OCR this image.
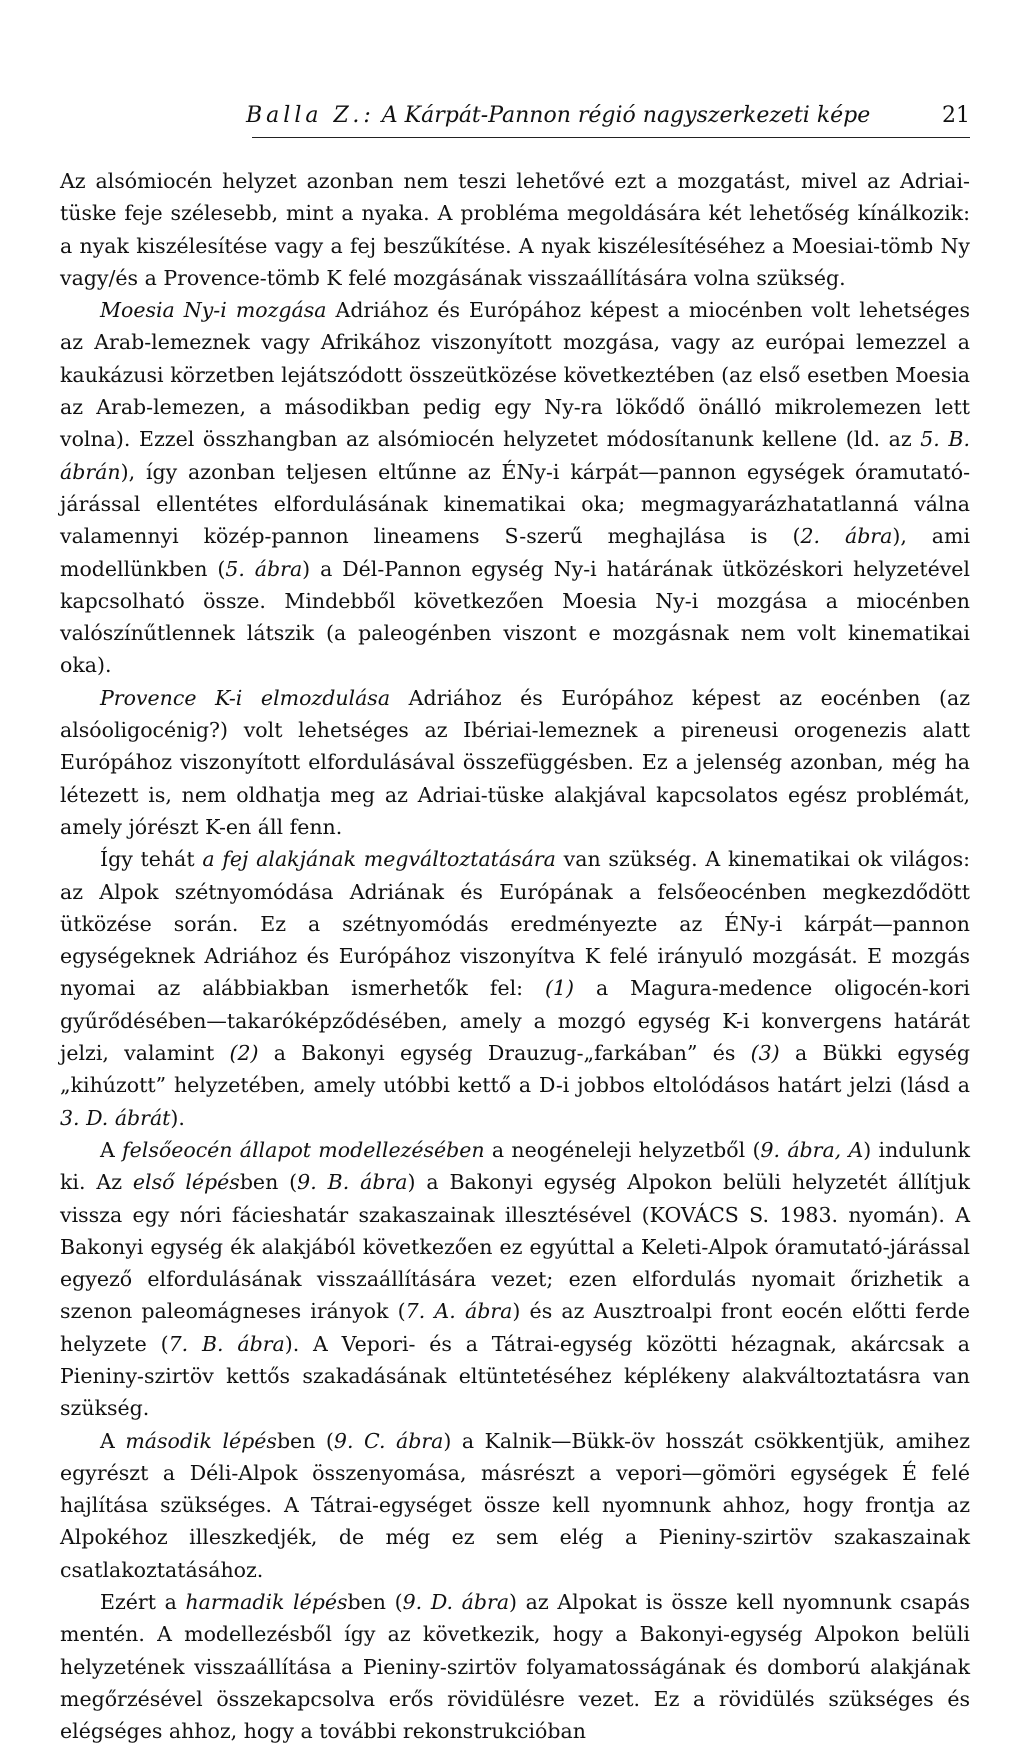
Balla Z.: A Kárpát-Pannon régió nagyszerkezeti képe	21

Az alsómiocén helyzet azonban nem teszi lehetővé ezt a mozgatást, mivel az Adriai-tüske feje szélesebb, mint a nyaka. A probléma megoldására két lehetőség kínálkozik: a nyak kiszélesítése vagy a fej beszűkítése. A nyak kiszélesítéséhez a Moesiai-tömb Ny vagy/és a Provence-tömb K felé mozgásának visszaállítására volna szükség.

Moesia Ny-i mozgása Adriához és Európához képest a miocénben volt lehetséges az Arab-lemeznek vagy Afrikához viszonyított mozgása, vagy az európai lemezzel a kaukázusi körzetben lejátszódott összeütközése következtében (az első esetben Moesia az Arab-lemezen, a másodikban pedig egy Ny-ra lökődő önálló mikrolemezen lett volna). Ezzel összhangban az alsómiocén helyzetet módosítanunk kellene (ld. az 5. B. ábrán), így azonban teljesen eltűnne az ÉNy-i kárpát—pannon egységek óramutató-járással ellentétes elfordulásának kinematikai oka; megmagyarázhatatlanná válna valamennyi közép-pannon lineamens S-szerű meghajlása is (2. ábra), ami modellünkben (5. ábra) a Dél-Pannon egység Ny-i határának ütközéskori helyzetével kapcsolható össze. Mindebből következően Moesia Ny-i mozgása a miocénben valószínűtlennek látszik (a paleogénben viszont e mozgásnak nem volt kinematikai oka).

Provence K-i elmozdulása Adriához és Európához képest az eocénben (az alsóoligocénig?) volt lehetséges az Ibériai-lemeznek a pireneusi orogenezis alatt Európához viszonyított elfordulásával összefüggésben. Ez a jelenség azonban, még ha létezett is, nem oldhatja meg az Adriai-tüske alakjával kapcsolatos egész problémát, amely jórészt K-en áll fenn.

Így tehát a fej alakjának megváltoztatására van szükség. A kinematikai ok világos: az Alpok szétnyomódása Adriának és Európának a felsőeocénben megkezdődött ütközése során. Ez a szétnyomódás eredményezte az ÉNy-i kárpát—pannon egységeknek Adriához és Európához viszonyítva K felé irányuló mozgását. E mozgás nyomai az alábbiakban ismerhetők fel: (1) a Magura-medence oligocén-kori gyűrődésében—takaróképződésében, amely a mozgó egység K-i konvergens határát jelzi, valamint (2) a Bakonyi egység Drauzug-„farkában” és (3) a Bükki egység „kihúzott” helyzetében, amely utóbbi kettő a D-i jobbos eltolódásos határt jelzi (lásd a 3. D. ábrát).

A felsőeocén állapot modellezésében a neogéneleji helyzetből (9. ábra, A) indulunk ki. Az első lépésben (9. B. ábra) a Bakonyi egység Alpokon belüli helyzetét állítjuk vissza egy nóri fácieshatár szakaszainak illesztésével (KOVÁCS S. 1983. nyomán). A Bakonyi egység ék alakjából következően ez egyúttal a Keleti-Alpok óramutató-járással egyező elfordulásának visszaállítására vezet; ezen elfordulás nyomait őrizhetik a szenon paleomágneses irányok (7. A. ábra) és az Ausztroalpi front eocén előtti ferde helyzete (7. B. ábra). A Vepori- és a Tátrai-egység közötti hézagnak, akárcsak a Pieniny-szirtöv kettős szakadásának eltüntetéséhez képlékeny alakváltoztatásra van szükség.

A második lépésben (9. C. ábra) a Kalnik—Bükk-öv hosszát csökkentjük, amihez egyrészt a Déli-Alpok összenyomása, másrészt a vepori—gömöri egységek É felé hajlítása szükséges. A Tátrai-egységet össze kell nyomnunk ahhoz, hogy frontja az Alpokéhoz illeszkedjék, de még ez sem elég a Pieniny-szirtöv szakaszainak csatlakoztatásához.

Ezért a harmadik lépésben (9. D. ábra) az Alpokat is össze kell nyomnunk csapás mentén. A modellezésből így az következik, hogy a Bakonyi-egység Alpokon belüli helyzetének visszaállítása a Pieniny-szirtöv folyamatosságának és domború alakjának megőrzésével összekapcsolva erős rövidülésre vezet. Ez a rövidülés szükséges és elégséges ahhoz, hogy a további rekonstrukcióban
